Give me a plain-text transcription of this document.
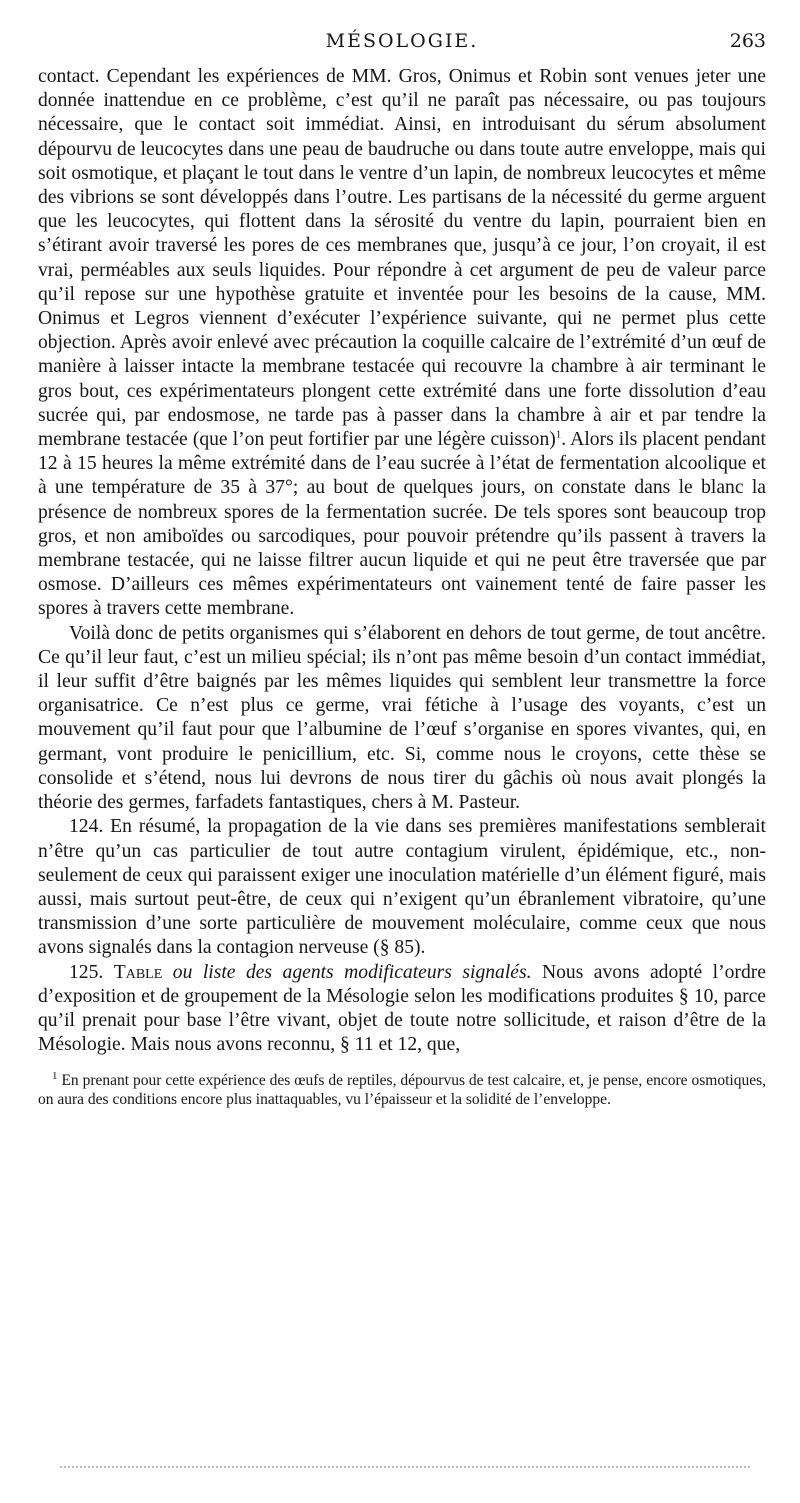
MÉSOLOGIE.	263

contact. Cependant les expériences de MM. Gros, Onimus et Robin sont venues jeter une donnée inattendue en ce problème, c’est qu’il ne paraît pas nécessaire, ou pas toujours nécessaire, que le contact soit immédiat. Ainsi, en introduisant du sérum absolument dépourvu de leucocytes dans une peau de baudruche ou dans toute autre enveloppe, mais qui soit osmotique, et plaçant le tout dans le ventre d’un lapin, de nombreux leucocytes et même des vibrions se sont développés dans l’outre. Les partisans de la nécessité du germe arguent que les leucocytes, qui flottent dans la sérosité du ventre du lapin, pourraient bien en s’étirant avoir traversé les pores de ces membranes que, jusqu’à ce jour, l’on croyait, il est vrai, perméables aux seuls liquides. Pour répondre à cet argument de peu de valeur parce qu’il repose sur une hypothèse gratuite et inventée pour les besoins de la cause, MM. Onimus et Legros viennent d’exécuter l’expérience suivante, qui ne permet plus cette objection. Après avoir enlevé avec précaution la coquille calcaire de l’extrémité d’un œuf de manière à laisser intacte la membrane testacée qui recouvre la chambre à air terminant le gros bout, ces expérimentateurs plongent cette extrémité dans une forte dissolution d’eau sucrée qui, par endosmose, ne tarde pas à passer dans la chambre à air et par tendre la membrane testacée (que l’on peut fortifier par une légère cuisson)$^1$. Alors ils placent pendant 12 à 15 heures la même extrémité dans de l’eau sucrée à l’état de fermentation alcoolique et à une température de 35 à 37°; au bout de quelques jours, on constate dans le blanc la présence de nombreux spores de la fermentation sucrée. De tels spores sont beaucoup trop gros, et non amiboïdes ou sarcodiques, pour pouvoir prétendre qu’ils passent à travers la membrane testacée, qui ne laisse filtrer aucun liquide et qui ne peut être traversée que par osmose. D’ailleurs ces mêmes expérimentateurs ont vainement tenté de faire passer les spores à travers cette membrane.

Voilà donc de petits organismes qui s’élaborent en dehors de tout germe, de tout ancêtre. Ce qu’il leur faut, c’est un milieu spécial; ils n’ont pas même besoin d’un contact immédiat, il leur suffit d’être baignés par les mêmes liquides qui semblent leur transmettre la force organisatrice. Ce n’est plus ce germe, vrai fétiche à l’usage des voyants, c’est un mouvement qu’il faut pour que l’albumine de l’œuf s’organise en spores vivantes, qui, en germant, vont produire le penicillium, etc. Si, comme nous le croyons, cette thèse se consolide et s’étend, nous lui devrons de nous tirer du gâchis où nous avait plongés la théorie des germes, farfadets fantastiques, chers à M. Pasteur.

124. En résumé, la propagation de la vie dans ses premières manifestations semblerait n’être qu’un cas particulier de tout autre contagium virulent, épidémique, etc., non-seulement de ceux qui paraissent exiger une inoculation matérielle d’un élément figuré, mais aussi, mais surtout peut-être, de ceux qui n’exigent qu’un ébranlement vibratoire, qu’une transmission d’une sorte particulière de mouvement moléculaire, comme ceux que nous avons signalés dans la contagion nerveuse (§ 85).

125. Table ou liste des agents modificateurs signalés. Nous avons adopté l’ordre d’exposition et de groupement de la Mésologie selon les modifications produites § 10, parce qu’il prenait pour base l’être vivant, objet de toute notre sollicitude, et raison d’être de la Mésologie. Mais nous avons reconnu, § 11 et 12, que,

$^1$ En prenant pour cette expérience des œufs de reptiles, dépourvus de test calcaire, et, je pense, encore osmotiques, on aura des conditions encore plus inattaquables, vu l’épaisseur et la solidité de l’enveloppe.
